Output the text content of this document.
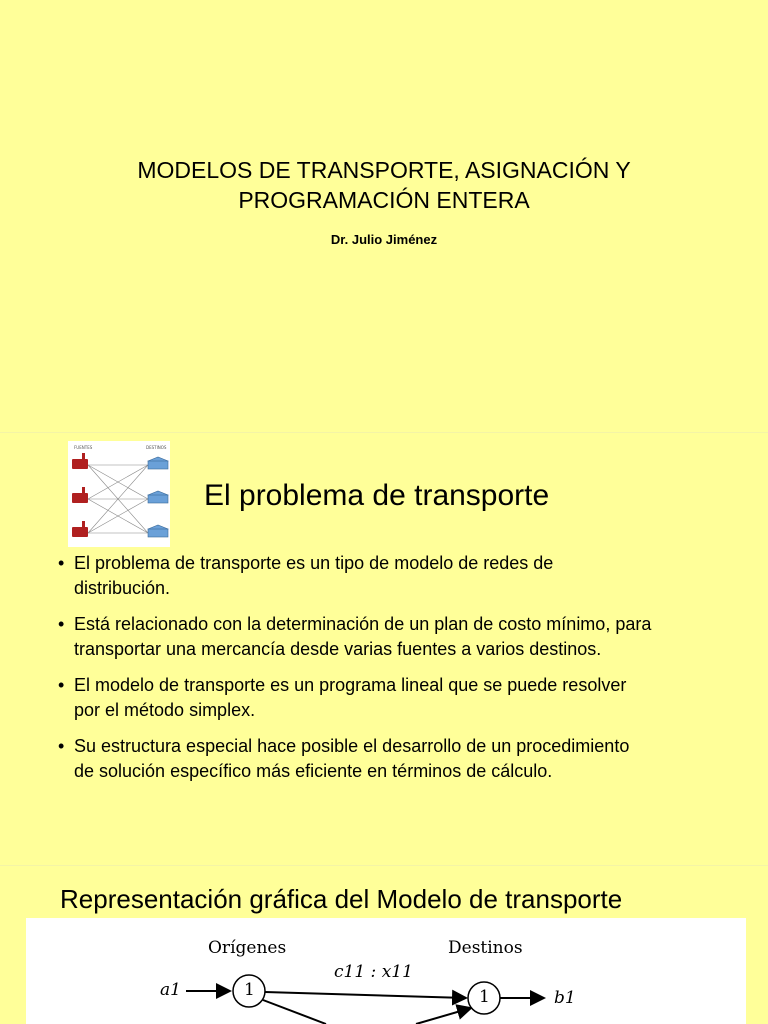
MODELOS DE TRANSPORTE, ASIGNACIÓN Y
PROGRAMACIÓN ENTERA
Dr. Julio Jiménez
FUENTES	DESTINOS
El problema de transporte
• El problema de transporte es un tipo de modelo de redes de
distribución.
• Está relacionado con la determinación de un plan de costo mínimo, para
transportar una mercancía desde varias fuentes a varios destinos.
• El modelo de transporte es un programa lineal que se puede resolver
por el método simplex.
• Su estructura especial hace posible el desarrollo de un procedimiento
de solución específico más eficiente en términos de cálculo.
Representación gráfica del Modelo de transporte
Orígenes	Destinos
c11 : x11
a1	b1
1	1
